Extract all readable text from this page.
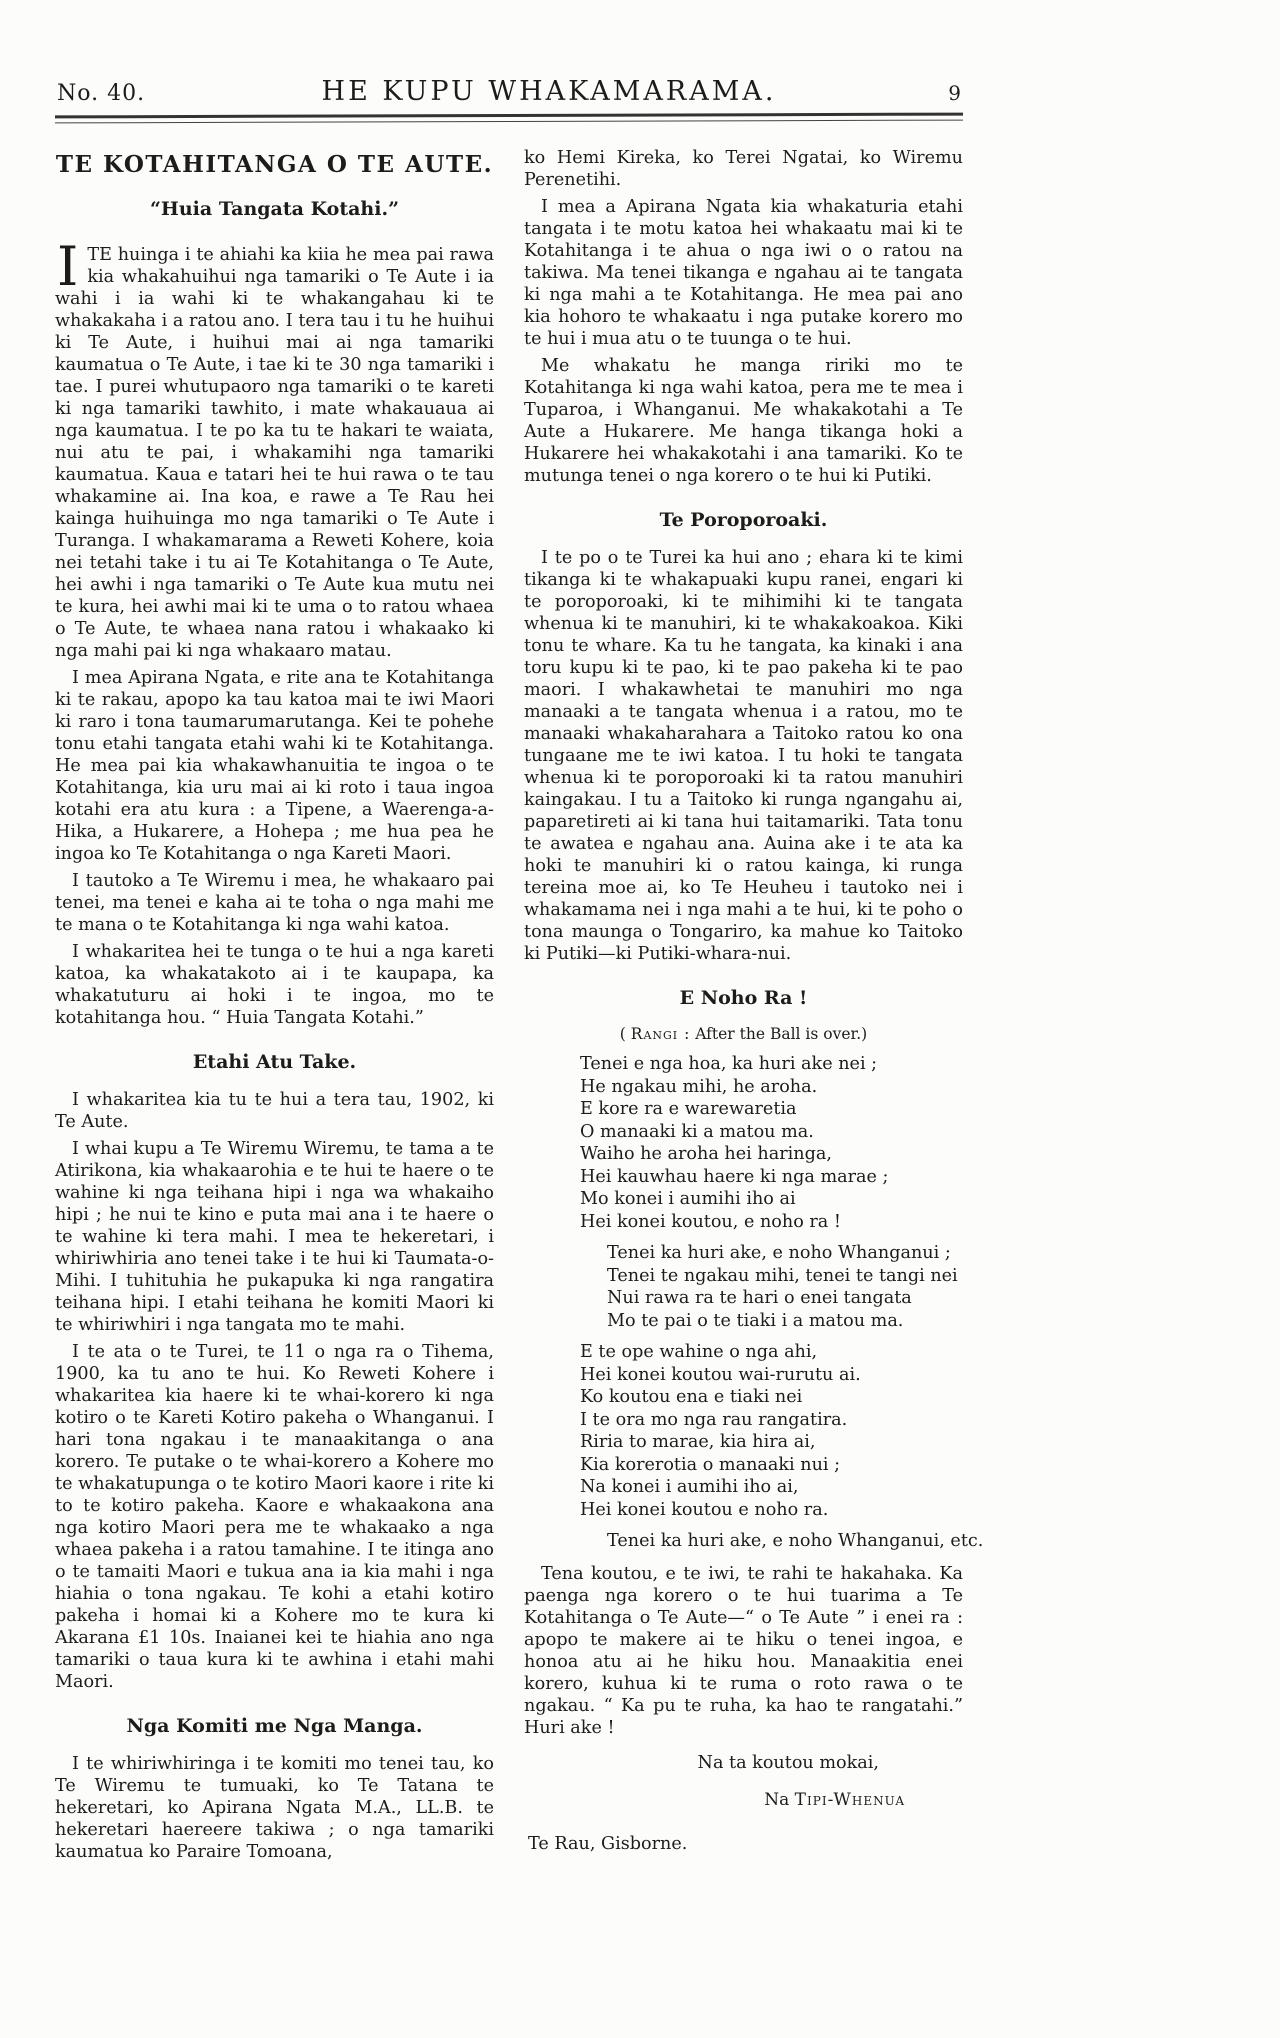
No. 40.	HE KUPU WHAKAMARAMA.	9
TE KOTAHITANGA O TE AUTE.
“Huia Tangata Kotahi.”

ITE huinga i te ahiahi ka kiia he mea pai rawa kia whakahuihui nga tamariki o Te Aute i ia wahi i ia wahi ki te whakangahau ki te whakakaha i a ratou ano. I tera tau i tu he huihui ki Te Aute, i huihui mai ai nga tamariki kaumatua o Te Aute, i tae ki te 30 nga tamariki i tae. I purei whutupaoro nga tamariki o te kareti ki nga tamariki tawhito, i mate whakauaua ai nga kaumatua. I te po ka tu te hakari te waiata, nui atu te pai, i whakamihi nga tamariki kaumatua. Kaua e tatari hei te hui rawa o te tau whakamine ai. Ina koa, e rawe a Te Rau hei kainga huihuinga mo nga tamariki o Te Aute i Turanga. I whakamarama a Reweti Kohere, koia nei tetahi take i tu ai Te Kotahitanga o Te Aute, hei awhi i nga tamariki o Te Aute kua mutu nei te kura, hei awhi mai ki te uma o to ratou whaea o Te Aute, te whaea nana ratou i whakaako ki nga mahi pai ki nga whakaaro matau.

I mea Apirana Ngata, e rite ana te Kotahitanga ki te rakau, apopo ka tau katoa mai te iwi Maori ki raro i tona taumarumarutanga. Kei te pohehe tonu etahi tangata etahi wahi ki te Kotahitanga. He mea pai kia whakawhanuitia te ingoa o te Kotahitanga, kia uru mai ai ki roto i taua ingoa kotahi era atu kura : a Tipene, a Waerenga-a-Hika, a Hukarere, a Hohepa ; me hua pea he ingoa ko Te Kotahitanga o nga Kareti Maori.

I tautoko a Te Wiremu i mea, he whakaaro pai tenei, ma tenei e kaha ai te toha o nga mahi me te mana o te Kotahitanga ki nga wahi katoa.

I whakaritea hei te tunga o te hui a nga kareti katoa, ka whakatakoto ai i te kaupapa, ka whakatuturu ai hoki i te ingoa, mo te kotahitanga hou. “ Huia Tangata Kotahi.”

Etahi Atu Take.

I whakaritea kia tu te hui a tera tau, 1902, ki Te Aute.

I whai kupu a Te Wiremu Wiremu, te tama a te Atirikona, kia whakaarohia e te hui te haere o te wahine ki nga teihana hipi i nga wa whakaiho hipi ; he nui te kino e puta mai ana i te haere o te wahine ki tera mahi. I mea te hekeretari, i whiriwhiria ano tenei take i te hui ki Taumata-o-Mihi. I tuhituhia he pukapuka ki nga rangatira teihana hipi. I etahi teihana he komiti Maori ki te whiriwhiri i nga tangata mo te mahi.

I te ata o te Turei, te 11 o nga ra o Tihema, 1900, ka tu ano te hui. Ko Reweti Kohere i whakaritea kia haere ki te whai-korero ki nga kotiro o te Kareti Kotiro pakeha o Whanganui. I hari tona ngakau i te manaakitanga o ana korero. Te putake o te whai-korero a Kohere mo te whakatupunga o te kotiro Maori kaore i rite ki to te kotiro pakeha. Kaore e whakaakona ana nga kotiro Maori pera me te whakaako a nga whaea pakeha i a ratou tamahine. I te itinga ano o te tamaiti Maori e tukua ana ia kia mahi i nga hiahia o tona ngakau. Te kohi a etahi kotiro pakeha i homai ki a Kohere mo te kura ki Akarana £1 10s. Inaianei kei te hiahia ano nga tamariki o taua kura ki te awhina i etahi mahi Maori.

Nga Komiti me Nga Manga.

I te whiriwhiringa i te komiti mo tenei tau, ko Te Wiremu te tumuaki, ko Te Tatana te hekeretari, ko Apirana Ngata M.A., LL.B. te hekeretari haereere takiwa ; o nga tamariki kaumatua ko Paraire Tomoana,

ko Hemi Kireka, ko Terei Ngatai, ko Wiremu Perenetihi.

I mea a Apirana Ngata kia whakaturia etahi tangata i te motu katoa hei whakaatu mai ki te Kotahitanga i te ahua o nga iwi o o ratou na takiwa. Ma tenei tikanga e ngahau ai te tangata ki nga mahi a te Kotahitanga. He mea pai ano kia hohoro te whakaatu i nga putake korero mo te hui i mua atu o te tuunga o te hui.

Me whakatu he manga ririki mo te Kotahitanga ki nga wahi katoa, pera me te mea i Tuparoa, i Whanganui. Me whakakotahi a Te Aute a Hukarere. Me hanga tikanga hoki a Hukarere hei whakakotahi i ana tamariki. Ko te mutunga tenei o nga korero o te hui ki Putiki.

Te Poroporoaki.

I te po o te Turei ka hui ano ; ehara ki te kimi tikanga ki te whakapuaki kupu ranei, engari ki te poroporoaki, ki te mihimihi ki te tangata whenua ki te manuhiri, ki te whakakoakoa. Kiki tonu te whare. Ka tu he tangata, ka kinaki i ana toru kupu ki te pao, ki te pao pakeha ki te pao maori. I whakawhetai te manuhiri mo nga manaaki a te tangata whenua i a ratou, mo te manaaki whakaharahara a Taitoko ratou ko ona tungaane me te iwi katoa. I tu hoki te tangata whenua ki te poroporoaki ki ta ratou manuhiri kaingakau. I tu a Taitoko ki runga ngangahu ai, paparetireti ai ki tana hui taitamariki. Tata tonu te awatea e ngahau ana. Auina ake i te ata ka hoki te manuhiri ki o ratou kainga, ki runga tereina moe ai, ko Te Heuheu i tautoko nei i whakamama nei i nga mahi a te hui, ki te poho o tona maunga o Tongariro, ka mahue ko Taitoko ki Putiki—ki Putiki-whara-nui.

E Noho Ra !
( Rangi : After the Ball is over.)
Tenei e nga hoa, ka huri ake nei ;
He ngakau mihi, he aroha.
E kore ra e warewaretia
O manaaki ki a matou ma.
Waiho he aroha hei haringa,
Hei kauwhau haere ki nga marae ;
Mo konei i aumihi iho ai
Hei konei koutou, e noho ra !
Tenei ka huri ake, e noho Whanganui ;
Tenei te ngakau mihi, tenei te tangi nei
Nui rawa ra te hari o enei tangata
Mo te pai o te tiaki i a matou ma.
E te ope wahine o nga ahi,
Hei konei koutou wai-rurutu ai.
Ko koutou ena e tiaki nei
I te ora mo nga rau rangatira.
Riria to marae, kia hira ai,
Kia korerotia o manaaki nui ;
Na konei i aumihi iho ai,
Hei konei koutou e noho ra.
Tenei ka huri ake, e noho Whanganui, etc.

Tena koutou, e te iwi, te rahi te hakahaka. Ka paenga nga korero o te hui tuarima a Te Kotahitanga o Te Aute—“ o Te Aute ” i enei ra : apopo te makere ai te hiku o tenei ingoa, e honoa atu ai he hiku hou. Manaakitia enei korero, kuhua ki te ruma o roto rawa o te ngakau. “ Ka pu te ruha, ka hao te rangatahi.” Huri ake !

Na ta koutou mokai,
Na Tipi-Whenua
Te Rau, Gisborne.
